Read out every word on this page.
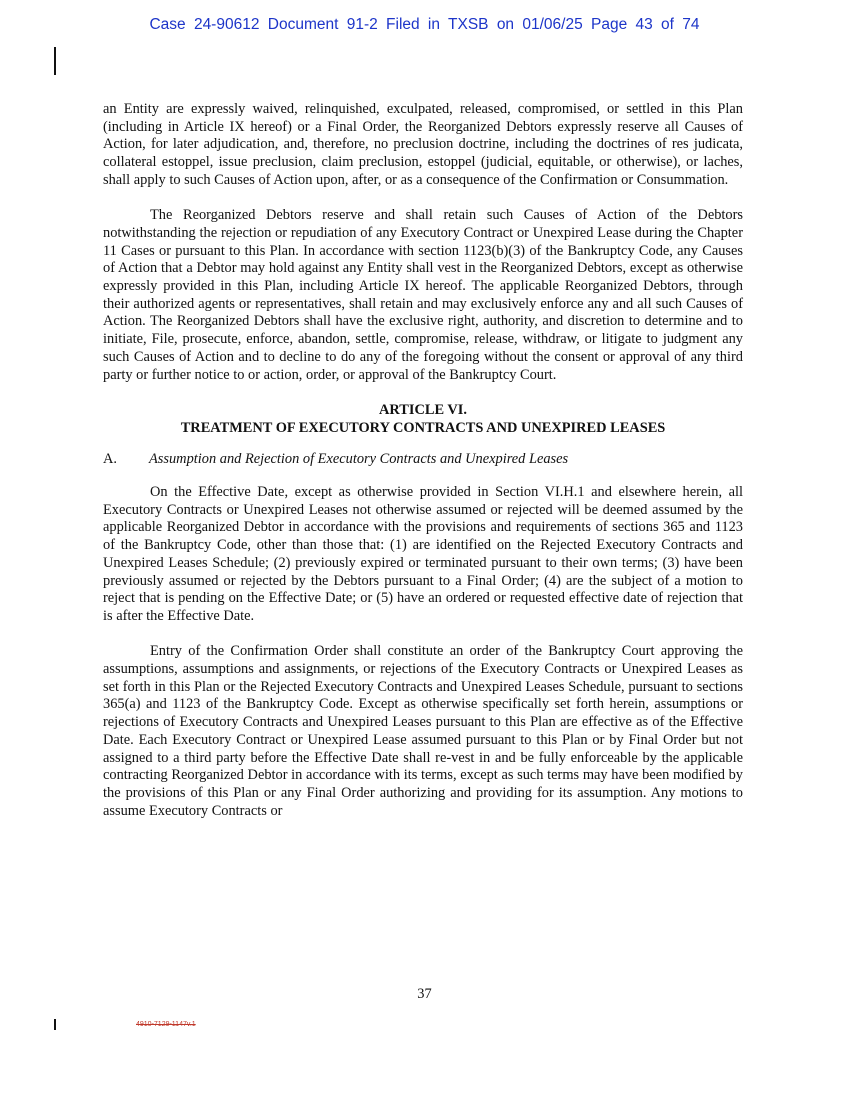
Case 24-90612 Document 91-2 Filed in TXSB on 01/06/25 Page 43 of 74

an Entity are expressly waived, relinquished, exculpated, released, compromised, or settled in this Plan (including in Article IX hereof) or a Final Order, the Reorganized Debtors expressly reserve all Causes of Action, for later adjudication, and, therefore, no preclusion doctrine, including the doctrines of res judicata, collateral estoppel, issue preclusion, claim preclusion, estoppel (judicial, equitable, or otherwise), or laches, shall apply to such Causes of Action upon, after, or as a consequence of the Confirmation or Consummation.

The Reorganized Debtors reserve and shall retain such Causes of Action of the Debtors notwithstanding the rejection or repudiation of any Executory Contract or Unexpired Lease during the Chapter 11 Cases or pursuant to this Plan. In accordance with section 1123(b)(3) of the Bankruptcy Code, any Causes of Action that a Debtor may hold against any Entity shall vest in the Reorganized Debtors, except as otherwise expressly provided in this Plan, including Article IX hereof. The applicable Reorganized Debtors, through their authorized agents or representatives, shall retain and may exclusively enforce any and all such Causes of Action. The Reorganized Debtors shall have the exclusive right, authority, and discretion to determine and to initiate, File, prosecute, enforce, abandon, settle, compromise, release, withdraw, or litigate to judgment any such Causes of Action and to decline to do any of the foregoing without the consent or approval of any third party or further notice to or action, order, or approval of the Bankruptcy Court.

ARTICLE VI.
TREATMENT OF EXECUTORY CONTRACTS AND UNEXPIRED LEASES
A. Assumption and Rejection of Executory Contracts and Unexpired Leases

On the Effective Date, except as otherwise provided in Section VI.H.1 and elsewhere herein, all Executory Contracts or Unexpired Leases not otherwise assumed or rejected will be deemed assumed by the applicable Reorganized Debtor in accordance with the provisions and requirements of sections 365 and 1123 of the Bankruptcy Code, other than those that: (1) are identified on the Rejected Executory Contracts and Unexpired Leases Schedule; (2) previously expired or terminated pursuant to their own terms; (3) have been previously assumed or rejected by the Debtors pursuant to a Final Order; (4) are the subject of a motion to reject that is pending on the Effective Date; or (5) have an ordered or requested effective date of rejection that is after the Effective Date.

Entry of the Confirmation Order shall constitute an order of the Bankruptcy Court approving the assumptions, assumptions and assignments, or rejections of the Executory Contracts or Unexpired Leases as set forth in this Plan or the Rejected Executory Contracts and Unexpired Leases Schedule, pursuant to sections 365(a) and 1123 of the Bankruptcy Code. Except as otherwise specifically set forth herein, assumptions or rejections of Executory Contracts and Unexpired Leases pursuant to this Plan are effective as of the Effective Date. Each Executory Contract or Unexpired Lease assumed pursuant to this Plan or by Final Order but not assigned to a third party before the Effective Date shall re-vest in and be fully enforceable by the applicable contracting Reorganized Debtor in accordance with its terms, except as such terms may have been modified by the provisions of this Plan or any Final Order authorizing and providing for its assumption. Any motions to assume Executory Contracts or

37
4910-7129-1147v.1
